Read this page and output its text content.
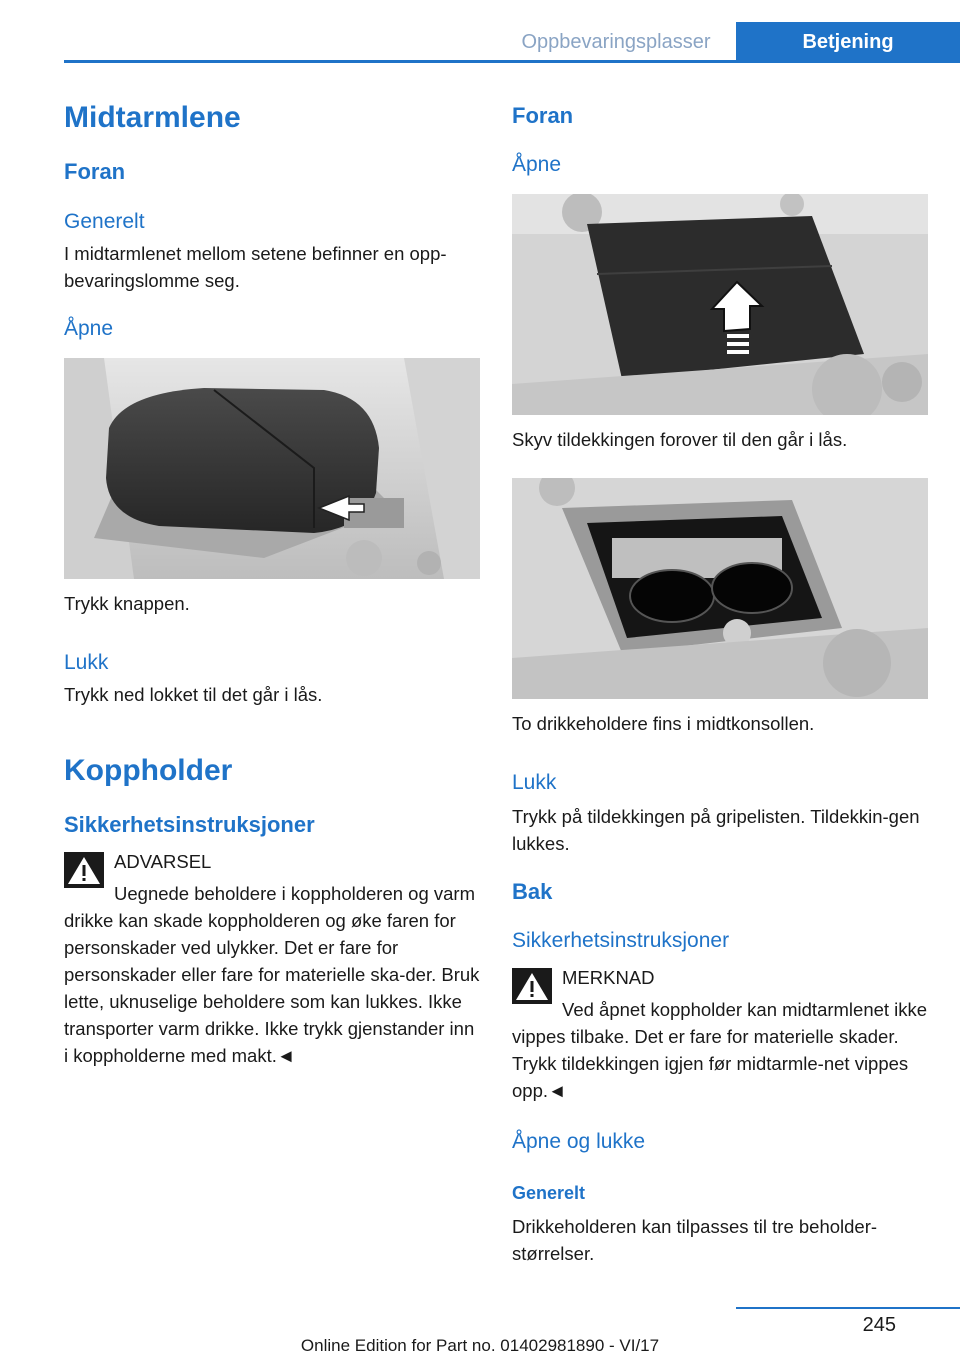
Oppbevaringsplasser	Betjening
Midtarmlene
Foran
Generelt
I midtarmlenet mellom setene befinner en opp‐bevaringslomme seg.
Åpne
Trykk knappen.
Lukk
Trykk ned lokket til det går i lås.
Koppholder
Sikkerhetsinstruksjoner
ADVARSEL
Uegnede beholdere i koppholderen og varm drikke kan skade koppholderen og øke faren for personskader ved ulykker. Det er fare for personskader eller fare for materielle ska‐der. Bruk lette, uknuselige beholdere som kan lukkes. Ikke transporter varm drikke. Ikke trykk gjenstander inn i koppholderne med makt.◄
Foran
Åpne
Skyv tildekkingen forover til den går i lås.
To drikkeholdere fins i midtkonsollen.
Lukk
Trykk på tildekkingen på gripelisten. Tildekkin‐gen lukkes.
Bak
Sikkerhetsinstruksjoner
MERKNAD
Ved åpnet koppholder kan midtarmlenet ikke vippes tilbake. Det er fare for materielle skader. Trykk tildekkingen igjen før midtarmle‐net vippes opp.◄
Åpne og lukke
Generelt
Drikkeholderen kan tilpasses til tre beholder‐størrelser.
245
Online Edition for Part no. 01402981890 - VI/17
